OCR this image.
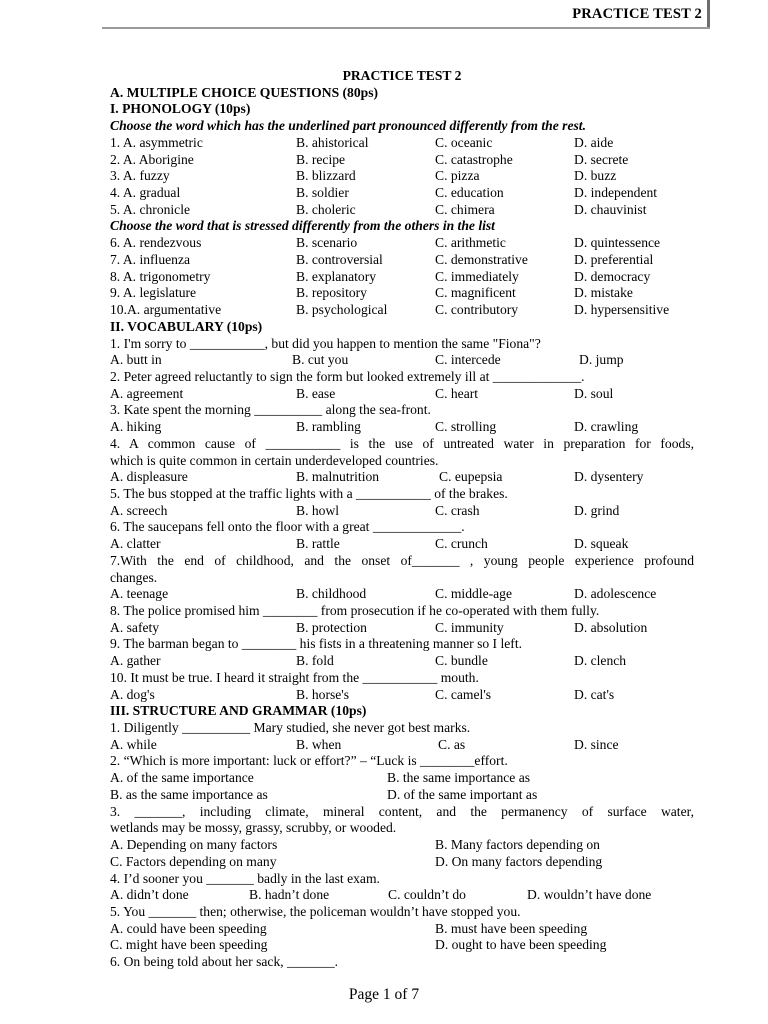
PRACTICE TEST 2
PRACTICE TEST 2
A. MULTIPLE CHOICE QUESTIONS (80ps)
I. PHONOLOGY (10ps)
Choose the word which has the underlined part pronounced differently from the rest.
1. A. asymmetric	B. ahistorical	C. oceanic	D. aide
2. A. Aborigine	B. recipe	C. catastrophe	D. secrete
3. A. fuzzy	B. blizzard	C. pizza	D. buzz
4. A. gradual	B. soldier	C. education	D. independent
5. A. chronicle	B. choleric	C. chimera	D. chauvinist
Choose the word that is stressed differently from the others in the list
6. A. rendezvous	B. scenario	C. arithmetic	D. quintessence
7. A. influenza	B. controversial	C. demonstrative	D. preferential
8. A. trigonometry	B. explanatory	C. immediately	D. democracy
9. A. legislature	B. repository	C. magnificent	D. mistake
10.A. argumentative	B. psychological	C. contributory	D. hypersensitive
II. VOCABULARY (10ps)
1. I'm sorry to ___________, but did you happen to mention the same "Fiona"?
A. butt in	B. cut you	C. intercede	D. jump
2. Peter agreed reluctantly to sign the form but looked extremely ill at _____________.
A. agreement	B. ease	C. heart	D. soul
3. Kate spent the morning __________ along the sea-front.
A. hiking	B. rambling	C. strolling	D. crawling
4. A common cause of ___________ is the use of untreated water in preparation for foods,
which is quite common in certain underdeveloped countries.
A. displeasure	B. malnutrition	C. eupepsia	D. dysentery
5. The bus stopped at the traffic lights with a ___________ of the brakes.
A. screech	B. howl	C. crash	D. grind
6. The saucepans fell onto the floor with a great _____________.
A. clatter	B. rattle	C. crunch	D. squeak
7.With the end of childhood, and the onset of_______ , young people experience profound
changes.
A. teenage	B. childhood	C. middle-age	D. adolescence
8. The police promised him ________ from prosecution if he co-operated with them fully.
A. safety	B. protection	C. immunity	D. absolution
9. The barman began to ________ his fists in a threatening manner so I left.
A. gather	B. fold	C. bundle	D. clench
10. It must be true. I heard it straight from the ___________ mouth.
A. dog's	B. horse's	C. camel's	D. cat's
III. STRUCTURE AND GRAMMAR (10ps)
1. Diligently __________ Mary studied, she never got best marks.
A. while	B. when	C. as	D. since
2. “Which is more important: luck or effort?” – “Luck is ________effort.
A. of the same importance	B. the same importance as
B. as the same importance as	D. of the same important as
3. _______, including climate, mineral content, and the permanency of surface water,
wetlands may be mossy, grassy, scrubby, or wooded.
A. Depending on many factors	B. Many factors depending on
C. Factors depending on many	D. On many factors depending
4. I’d sooner you _______ badly in the last exam.
A. didn’t done	B. hadn’t done	C. couldn’t do	D. wouldn’t have done
5. You _______ then; otherwise, the policeman wouldn’t have stopped you.
A. could have been speeding	B. must have been speeding
C. might have been speeding	D. ought to have been speeding
6. On being told about her sack, _______.
Page 1 of 7
